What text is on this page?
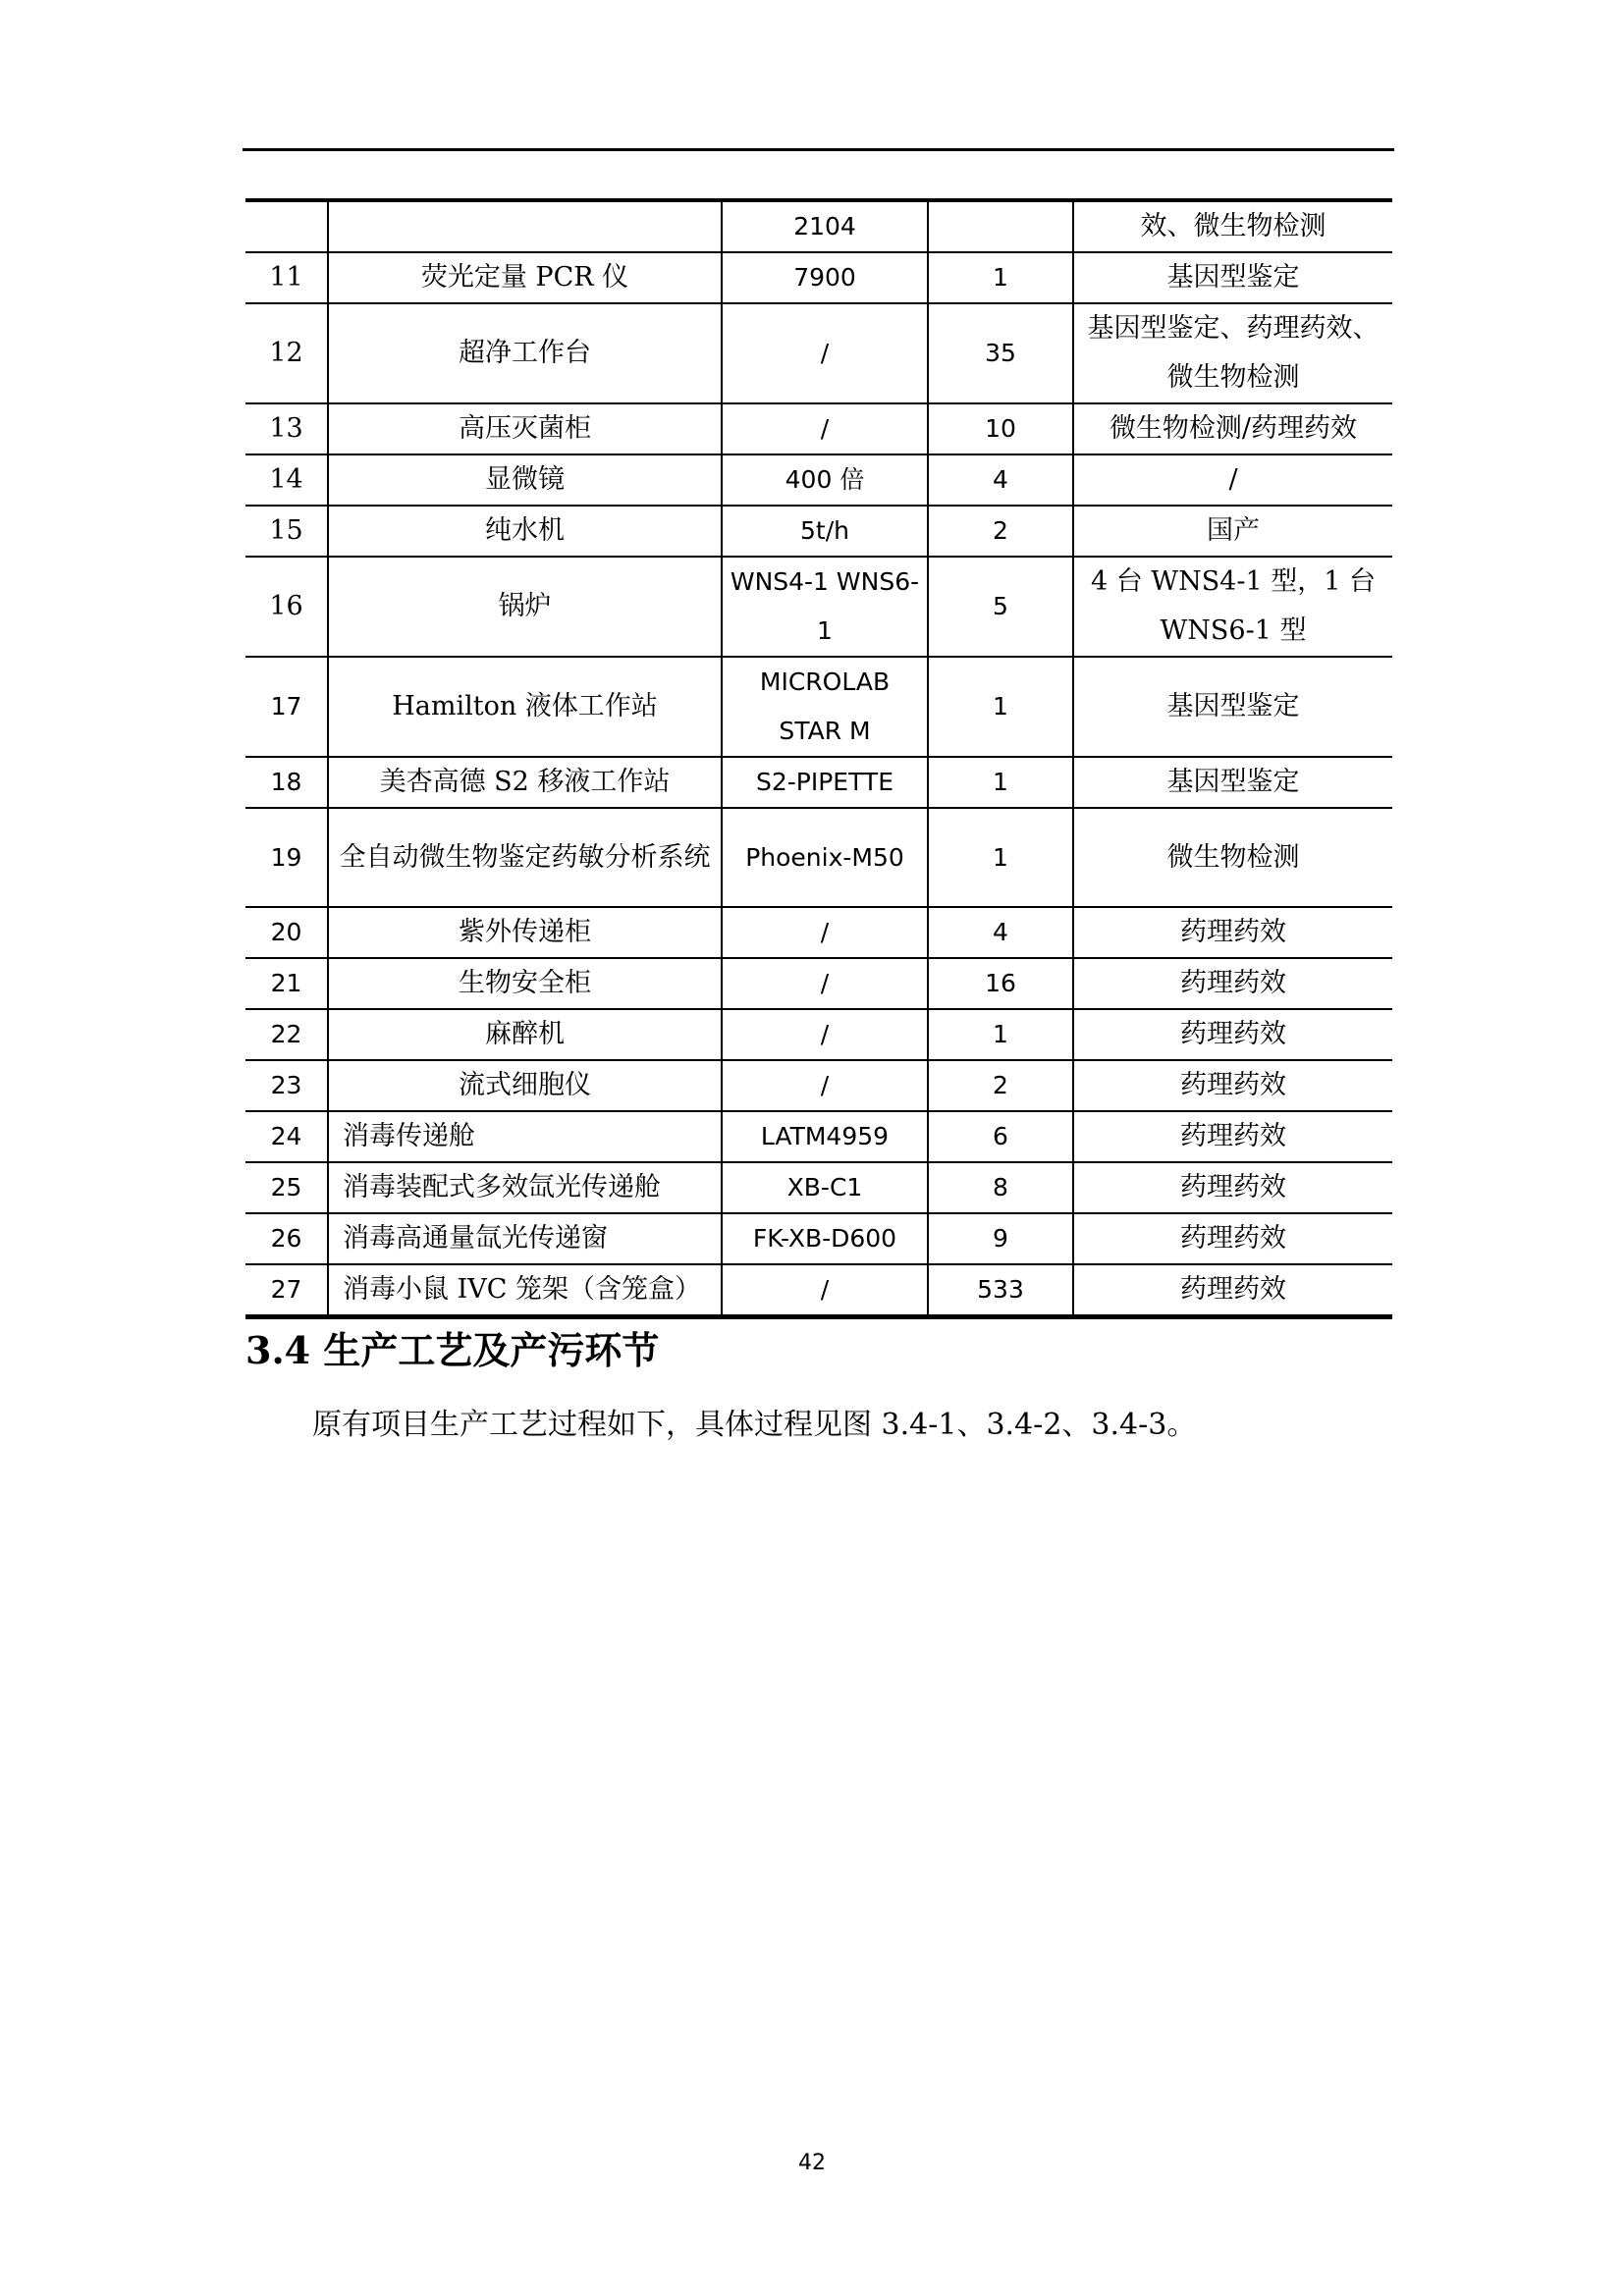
		2104		效、微生物检测
11	荧光定量 PCR 仪	7900	1	基因型鉴定
12	超净工作台	/	35	基因型鉴定、药理药效、微生物检测
13	高压灭菌柜	/	10	微生物检测/药理药效
14	显微镜	400 倍	4	/
15	纯水机	5t/h	2	国产
16	锅炉	WNS4-1 WNS6-1	5	4 台 WNS4-1 型，1 台 WNS6-1 型
17	Hamilton 液体工作站	MICROLAB STAR M	1	基因型鉴定
18	美杏高德 S2 移液工作站	S2-PIPETTE	1	基因型鉴定
19	全自动微生物鉴定药敏分析系统	Phoenix-M50	1	微生物检测
20	紫外传递柜	/	4	药理药效
21	生物安全柜	/	16	药理药效
22	麻醉机	/	1	药理药效
23	流式细胞仪	/	2	药理药效
24	消毒传递舱	LATM4959	6	药理药效
25	消毒装配式多效氙光传递舱	XB-C1	8	药理药效
26	消毒高通量氙光传递窗	FK-XB-D600	9	药理药效
27	消毒小鼠 IVC 笼架（含笼盒）	/	533	药理药效
3.4 生产工艺及产污环节
原有项目生产工艺过程如下，具体过程见图 3.4-1、3.4-2、3.4-3。
42
